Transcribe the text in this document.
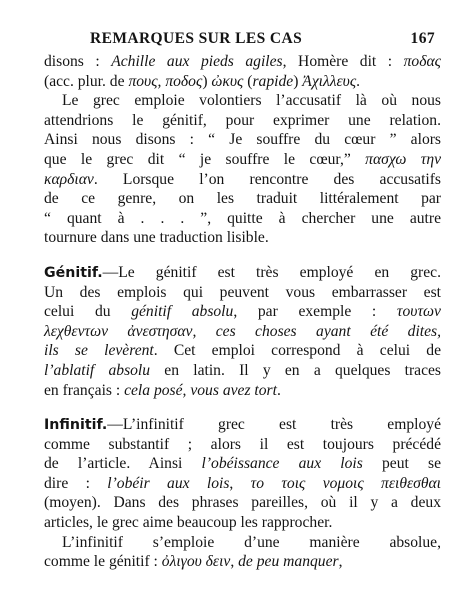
REMARQUES SUR LES CAS	167
disons : Achille aux pieds agiles, Homère dit : ποδας
(acc. plur. de πους, ποδος) ὠκυς (rapide) Ἀχιλλευς.
Le grec emploie volontiers l’accusatif là où nous
attendrions le génitif, pour exprimer une relation.
Ainsi nous disons : “ Je souffre du cœur ” alors
que le grec dit “ je souffre le cœur,” πασχω την
καρδιαν. Lorsque l’on rencontre des accusatifs
de ce genre, on les traduit littéralement par
“ quant à . . . ”, quitte à chercher une autre
tournure dans une traduction lisible.
Génitif.—Le génitif est très employé en grec.
Un des emplois qui peuvent vous embarrasser est
celui du génitif absolu, par exemple : τουτων
λεχθεντων ἀνεστησαν, ces choses ayant été dites,
ils se levèrent. Cet emploi correspond à celui de
l’ablatif absolu en latin. Il y en a quelques traces
en français : cela posé, vous avez tort.
Infinitif.—L’infinitif grec est très employé
comme substantif ; alors il est toujours précédé
de l’article. Ainsi l’obéissance aux lois peut se
dire : l’obéir aux lois, το τοις νομοις πειθεσθαι
(moyen). Dans des phrases pareilles, où il y a deux
articles, le grec aime beaucoup les rapprocher.
L’infinitif s’emploie d’une manière absolue,
comme le génitif : ὀλιγου δειν, de peu manquer,
